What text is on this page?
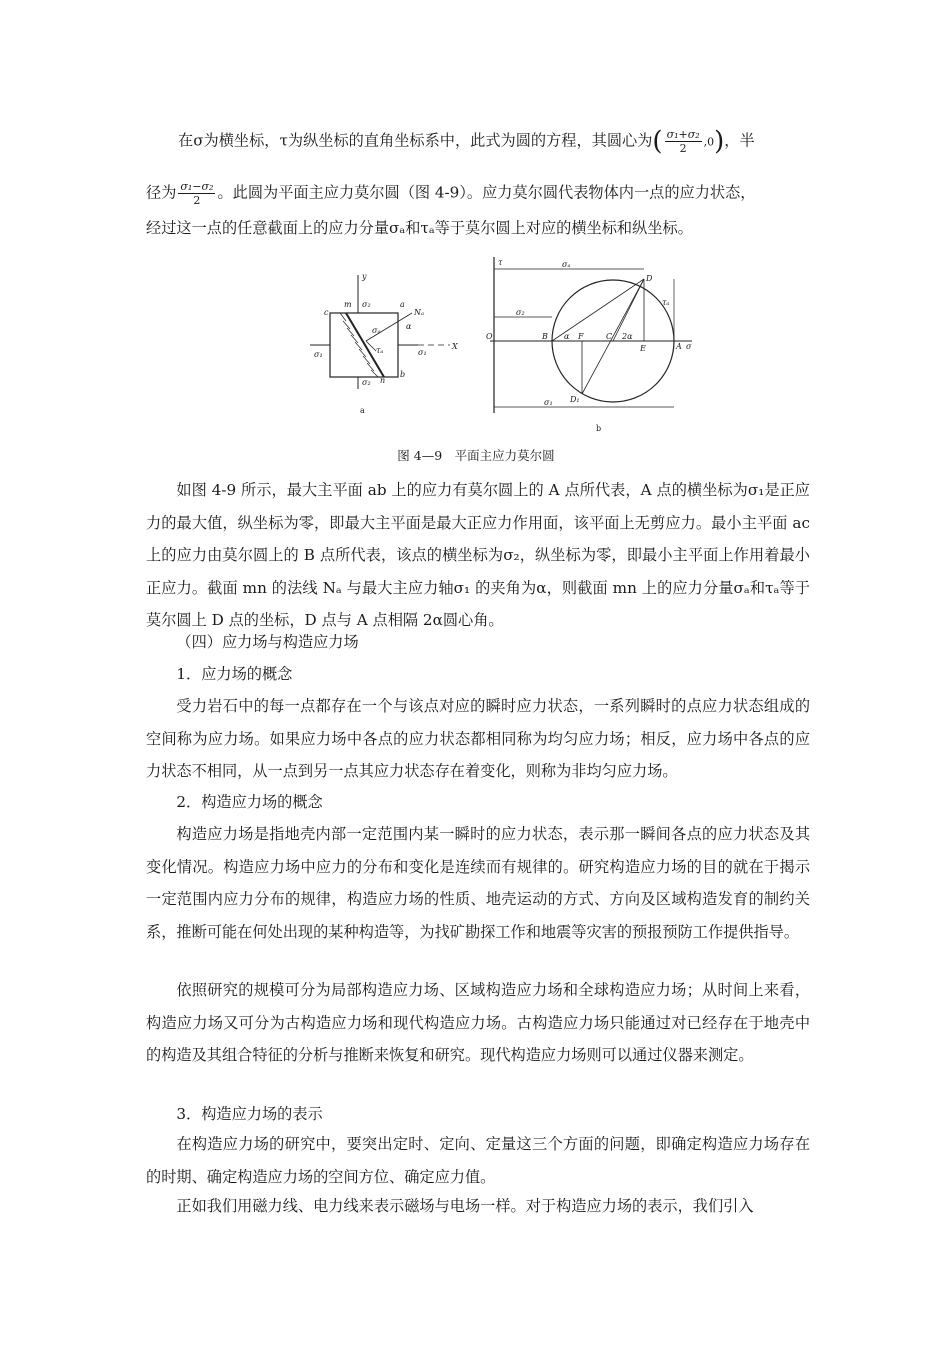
在σ为横坐标，τ为纵坐标的直角坐标系中，此式为圆的方程，其圆心为( $\frac{\text{σ₁+σ₂}}{2} ,0$)，半
径为 $\frac{\text{σ₁−σ₂}}{2}$ 。此圆为平面主应力莫尔圆（图 4-9）。应力莫尔圆代表物体内一点的应力状态，
经过这一点的任意截面上的应力分量σₐ和τₐ等于莫尔圆上对应的横坐标和纵坐标。
y
m σ₂	a
Nₐ
c
σₐ	α
τₐ
σ₁	σ₁
X
b
σ₂ n
a
τ	σₐ
D
τₐ
σ₂
O	B α F	C 2α
E	A σ
D₁
σ₁
b
图 4—9　平面主应力莫尔圆
如图 4-9 所示，最大主平面 ab 上的应力有莫尔圆上的 A 点所代表，A 点的横坐标为σ₁是正应力的最大值，纵坐标为零，即最大主平面是最大正应力作用面，该平面上无剪应力。最小主平面 ac 上的应力由莫尔圆上的 B 点所代表，该点的横坐标为σ₂，纵坐标为零，即最小主平面上作用着最小正应力。截面 mn 的法线 Nₐ 与最大主应力轴σ₁ 的夹角为α，则截面 mn 上的应力分量σₐ和τₐ等于莫尔圆上 D 点的坐标，D 点与 A 点相隔 2α圆心角。
（四）应力场与构造应力场
1．应力场的概念
受力岩石中的每一点都存在一个与该点对应的瞬时应力状态，一系列瞬时的点应力状态组成的空间称为应力场。如果应力场中各点的应力状态都相同称为均匀应力场；相反，应力场中各点的应力状态不相同，从一点到另一点其应力状态存在着变化，则称为非均匀应力场。
2．构造应力场的概念
构造应力场是指地壳内部一定范围内某一瞬时的应力状态，表示那一瞬间各点的应力状态及其变化情况。构造应力场中应力的分布和变化是连续而有规律的。研究构造应力场的目的就在于揭示一定范围内应力分布的规律，构造应力场的性质、地壳运动的方式、方向及区域构造发育的制约关系，推断可能在何处出现的某种构造等，为找矿勘探工作和地震等灾害的预报预防工作提供指导。
依照研究的规模可分为局部构造应力场、区域构造应力场和全球构造应力场；从时间上来看，构造应力场又可分为古构造应力场和现代构造应力场。古构造应力场只能通过对已经存在于地壳中的构造及其组合特征的分析与推断来恢复和研究。现代构造应力场则可以通过仪器来测定。
3．构造应力场的表示
在构造应力场的研究中，要突出定时、定向、定量这三个方面的问题，即确定构造应力场存在的时期、确定构造应力场的空间方位、确定应力值。
正如我们用磁力线、电力线来表示磁场与电场一样。对于构造应力场的表示，我们引入
